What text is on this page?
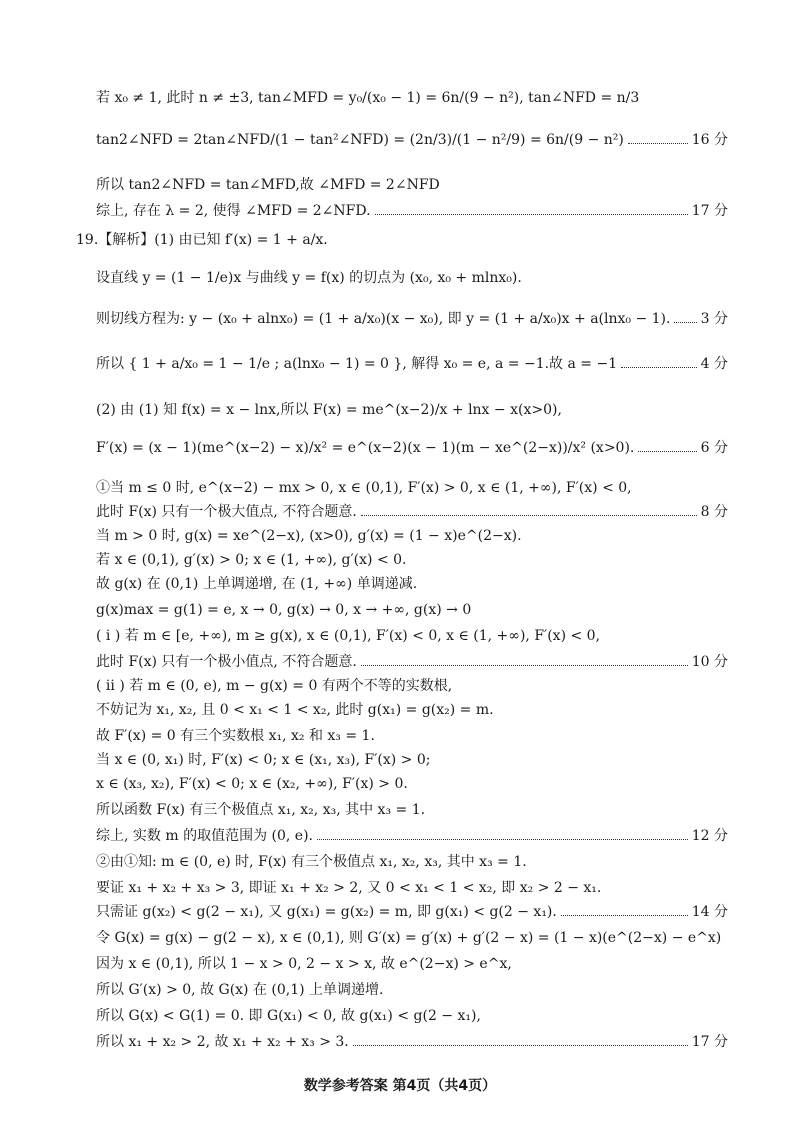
若 x₀ ≠ 1, 此时 n ≠ ±3, tan∠MFD = y₀/(x₀ − 1) = 6n/(9 − n²), tan∠NFD = n/3
tan2∠NFD = 2tan∠NFD/(1 − tan²∠NFD) = (2n/3)/(1 − n²/9) = 6n/(9 − n²)	16 分
所以 tan2∠NFD = tan∠MFD,故 ∠MFD = 2∠NFD
综上, 存在 λ = 2, 使得 ∠MFD = 2∠NFD.	17 分
19.【解析】(1) 由已知 f′(x) = 1 + a/x.
设直线 y = (1 − 1/e)x 与曲线 y = f(x) 的切点为 (x₀, x₀ + mlnx₀).
则切线方程为: y − (x₀ + alnx₀) = (1 + a/x₀)(x − x₀), 即 y = (1 + a/x₀)x + a(lnx₀ − 1). 3 分
所以 { 1 + a/x₀ = 1 − 1/e ; a(lnx₀ − 1) = 0 }, 解得 x₀ = e, a = −1.故 a = −1	4 分
(2) 由 (1) 知 f(x) = x − lnx,所以 F(x) = me^(x−2)/x + lnx − x(x>0),
F′(x) = (x − 1)(me^(x−2) − x)/x² = e^(x−2)(x − 1)(m − xe^(2−x))/x² (x>0).	6 分
①当 m ≤ 0 时, e^(x−2) − mx > 0, x ∈ (0,1), F′(x) > 0, x ∈ (1, +∞), F′(x) < 0,
此时 F(x) 只有一个极大值点, 不符合题意.	8 分
当 m > 0 时, g(x) = xe^(2−x), (x>0), g′(x) = (1 − x)e^(2−x).
若 x ∈ (0,1), g′(x) > 0; x ∈ (1, +∞), g′(x) < 0.
故 g(x) 在 (0,1) 上单调递增, 在 (1, +∞) 单调递减.
g(x)max = g(1) = e, x → 0, g(x) → 0, x → +∞, g(x) → 0
( i ) 若 m ∈ [e, +∞), m ≥ g(x), x ∈ (0,1), F′(x) < 0, x ∈ (1, +∞), F′(x) < 0,
此时 F(x) 只有一个极小值点, 不符合题意.	10 分
( ii ) 若 m ∈ (0, e), m − g(x) = 0 有两个不等的实数根,
不妨记为 x₁, x₂, 且 0 < x₁ < 1 < x₂, 此时 g(x₁) = g(x₂) = m.
故 F′(x) = 0 有三个实数根 x₁, x₂ 和 x₃ = 1.
当 x ∈ (0, x₁) 时, F′(x) < 0; x ∈ (x₁, x₃), F′(x) > 0;
x ∈ (x₃, x₂), F′(x) < 0; x ∈ (x₂, +∞), F′(x) > 0.
所以函数 F(x) 有三个极值点 x₁, x₂, x₃, 其中 x₃ = 1.
综上, 实数 m 的取值范围为 (0, e).	12 分
②由①知: m ∈ (0, e) 时, F(x) 有三个极值点 x₁, x₂, x₃, 其中 x₃ = 1.
要证 x₁ + x₂ + x₃ > 3, 即证 x₁ + x₂ > 2, 又 0 < x₁ < 1 < x₂, 即 x₂ > 2 − x₁.
只需证 g(x₂) < g(2 − x₁), 又 g(x₁) = g(x₂) = m, 即 g(x₁) < g(2 − x₁).	14 分
令 G(x) = g(x) − g(2 − x), x ∈ (0,1), 则 G′(x) = g′(x) + g′(2 − x) = (1 − x)(e^(2−x) − e^x)
因为 x ∈ (0,1), 所以 1 − x > 0, 2 − x > x, 故 e^(2−x) > e^x,
所以 G′(x) > 0, 故 G(x) 在 (0,1) 上单调递增.
所以 G(x) < G(1) = 0. 即 G(x₁) < 0, 故 g(x₁) < g(2 − x₁),
所以 x₁ + x₂ > 2, 故 x₁ + x₂ + x₃ > 3.	17 分
数学参考答案 第4页（共4页）
